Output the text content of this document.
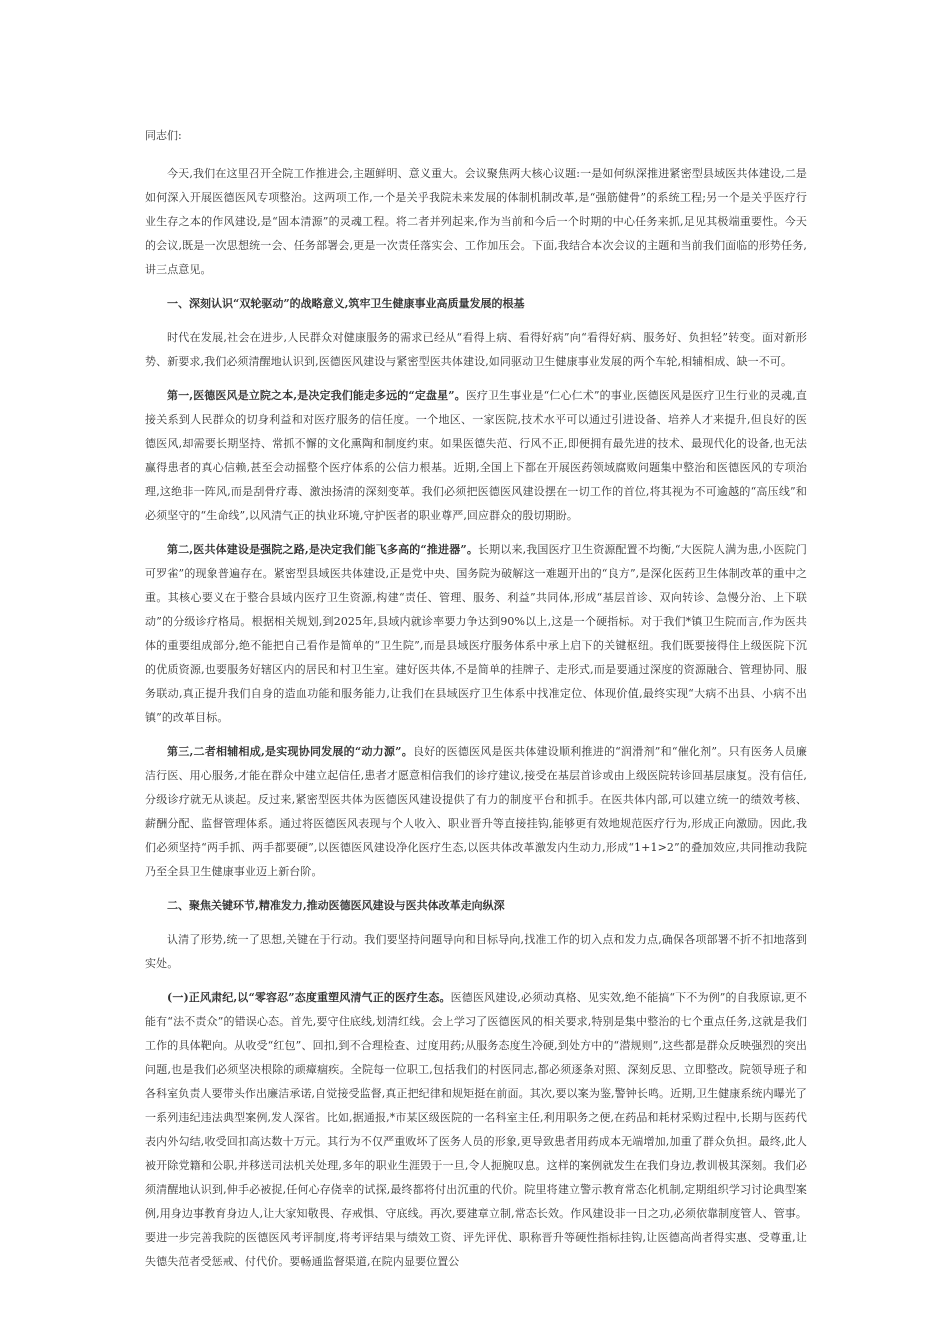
同志们:

今天,我们在这里召开全院工作推进会,主题鲜明、意义重大。会议聚焦两大核心议题:一是如何纵深推进紧密型县域医共体建设,二是如何深入开展医德医风专项整治。这两项工作,一个是关乎我院未来发展的体制机制改革,是“强筋健骨”的系统工程;另一个是关乎医疗行业生存之本的作风建设,是“固本清源”的灵魂工程。将二者并列起来,作为当前和今后一个时期的中心任务来抓,足见其极端重要性。今天的会议,既是一次思想统一会、任务部署会,更是一次责任落实会、工作加压会。下面,我结合本次会议的主题和当前我们面临的形势任务,讲三点意见。

一、深刻认识“双轮驱动”的战略意义,筑牢卫生健康事业高质量发展的根基

时代在发展,社会在进步,人民群众对健康服务的需求已经从“看得上病、看得好病”向“看得好病、服务好、负担轻”转变。面对新形势、新要求,我们必须清醒地认识到,医德医风建设与紧密型医共体建设,如同驱动卫生健康事业发展的两个车轮,相辅相成、缺一不可。

第一,医德医风是立院之本,是决定我们能走多远的“定盘星”。医疗卫生事业是“仁心仁术”的事业,医德医风是医疗卫生行业的灵魂,直接关系到人民群众的切身利益和对医疗服务的信任度。一个地区、一家医院,技术水平可以通过引进设备、培养人才来提升,但良好的医德医风,却需要长期坚持、常抓不懈的文化熏陶和制度约束。如果医德失范、行风不正,即便拥有最先进的技术、最现代化的设备,也无法赢得患者的真心信赖,甚至会动摇整个医疗体系的公信力根基。近期,全国上下都在开展医药领域腐败问题集中整治和医德医风的专项治理,这绝非一阵风,而是刮骨疗毒、激浊扬清的深刻变革。我们必须把医德医风建设摆在一切工作的首位,将其视为不可逾越的“高压线”和必须坚守的“生命线”,以风清气正的执业环境,守护医者的职业尊严,回应群众的殷切期盼。

第二,医共体建设是强院之路,是决定我们能飞多高的“推进器”。长期以来,我国医疗卫生资源配置不均衡,“大医院人满为患,小医院门可罗雀”的现象普遍存在。紧密型县域医共体建设,正是党中央、国务院为破解这一难题开出的“良方”,是深化医药卫生体制改革的重中之重。其核心要义在于整合县域内医疗卫生资源,构建“责任、管理、服务、利益”共同体,形成“基层首诊、双向转诊、急慢分治、上下联动”的分级诊疗格局。根据相关规划,到2025年,县域内就诊率要力争达到90%以上,这是一个硬指标。对于我们*镇卫生院而言,作为医共体的重要组成部分,绝不能把自己看作是简单的“卫生院”,而是县域医疗服务体系中承上启下的关键枢纽。我们既要接得住上级医院下沉的优质资源,也要服务好辖区内的居民和村卫生室。建好医共体,不是简单的挂牌子、走形式,而是要通过深度的资源融合、管理协同、服务联动,真正提升我们自身的造血功能和服务能力,让我们在县域医疗卫生体系中找准定位、体现价值,最终实现“大病不出县、小病不出镇”的改革目标。

第三,二者相辅相成,是实现协同发展的“动力源”。良好的医德医风是医共体建设顺利推进的“润滑剂”和“催化剂”。只有医务人员廉洁行医、用心服务,才能在群众中建立起信任,患者才愿意相信我们的诊疗建议,接受在基层首诊或由上级医院转诊回基层康复。没有信任,分级诊疗就无从谈起。反过来,紧密型医共体为医德医风建设提供了有力的制度平台和抓手。在医共体内部,可以建立统一的绩效考核、薪酬分配、监督管理体系。通过将医德医风表现与个人收入、职业晋升等直接挂钩,能够更有效地规范医疗行为,形成正向激励。因此,我们必须坚持“两手抓、两手都要硬”,以医德医风建设净化医疗生态,以医共体改革激发内生动力,形成“1+1>2”的叠加效应,共同推动我院乃至全县卫生健康事业迈上新台阶。

二、聚焦关键环节,精准发力,推动医德医风建设与医共体改革走向纵深

认清了形势,统一了思想,关键在于行动。我们要坚持问题导向和目标导向,找准工作的切入点和发力点,确保各项部署不折不扣地落到实处。

(一)正风肃纪,以“零容忍”态度重塑风清气正的医疗生态。医德医风建设,必须动真格、见实效,绝不能搞“下不为例”的自我原谅,更不能有“法不责众”的错误心态。首先,要守住底线,划清红线。会上学习了医德医风的相关要求,特别是集中整治的七个重点任务,这就是我们工作的具体靶向。从收受“红包”、回扣,到不合理检查、过度用药;从服务态度生冷硬,到处方中的“潜规则”,这些都是群众反映强烈的突出问题,也是我们必须坚决根除的顽瘴痼疾。全院每一位职工,包括我们的村医同志,都必须逐条对照、深刻反思、立即整改。院领导班子和各科室负责人要带头作出廉洁承诺,自觉接受监督,真正把纪律和规矩挺在前面。其次,要以案为鉴,警钟长鸣。近期,卫生健康系统内曝光了一系列违纪违法典型案例,发人深省。比如,据通报,*市某区级医院的一名科室主任,利用职务之便,在药品和耗材采购过程中,长期与医药代表内外勾结,收受回扣高达数十万元。其行为不仅严重败坏了医务人员的形象,更导致患者用药成本无端增加,加重了群众负担。最终,此人被开除党籍和公职,并移送司法机关处理,多年的职业生涯毁于一旦,令人扼腕叹息。这样的案例就发生在我们身边,教训极其深刻。我们必须清醒地认识到,伸手必被捉,任何心存侥幸的试探,最终都将付出沉重的代价。院里将建立警示教育常态化机制,定期组织学习讨论典型案例,用身边事教育身边人,让大家知敬畏、存戒惧、守底线。再次,要建章立制,常态长效。作风建设非一日之功,必须依靠制度管人、管事。要进一步完善我院的医德医风考评制度,将考评结果与绩效工资、评先评优、职称晋升等硬性指标挂钩,让医德高尚者得实惠、受尊重,让失德失范者受惩戒、付代价。要畅通监督渠道,在院内显要位置公
